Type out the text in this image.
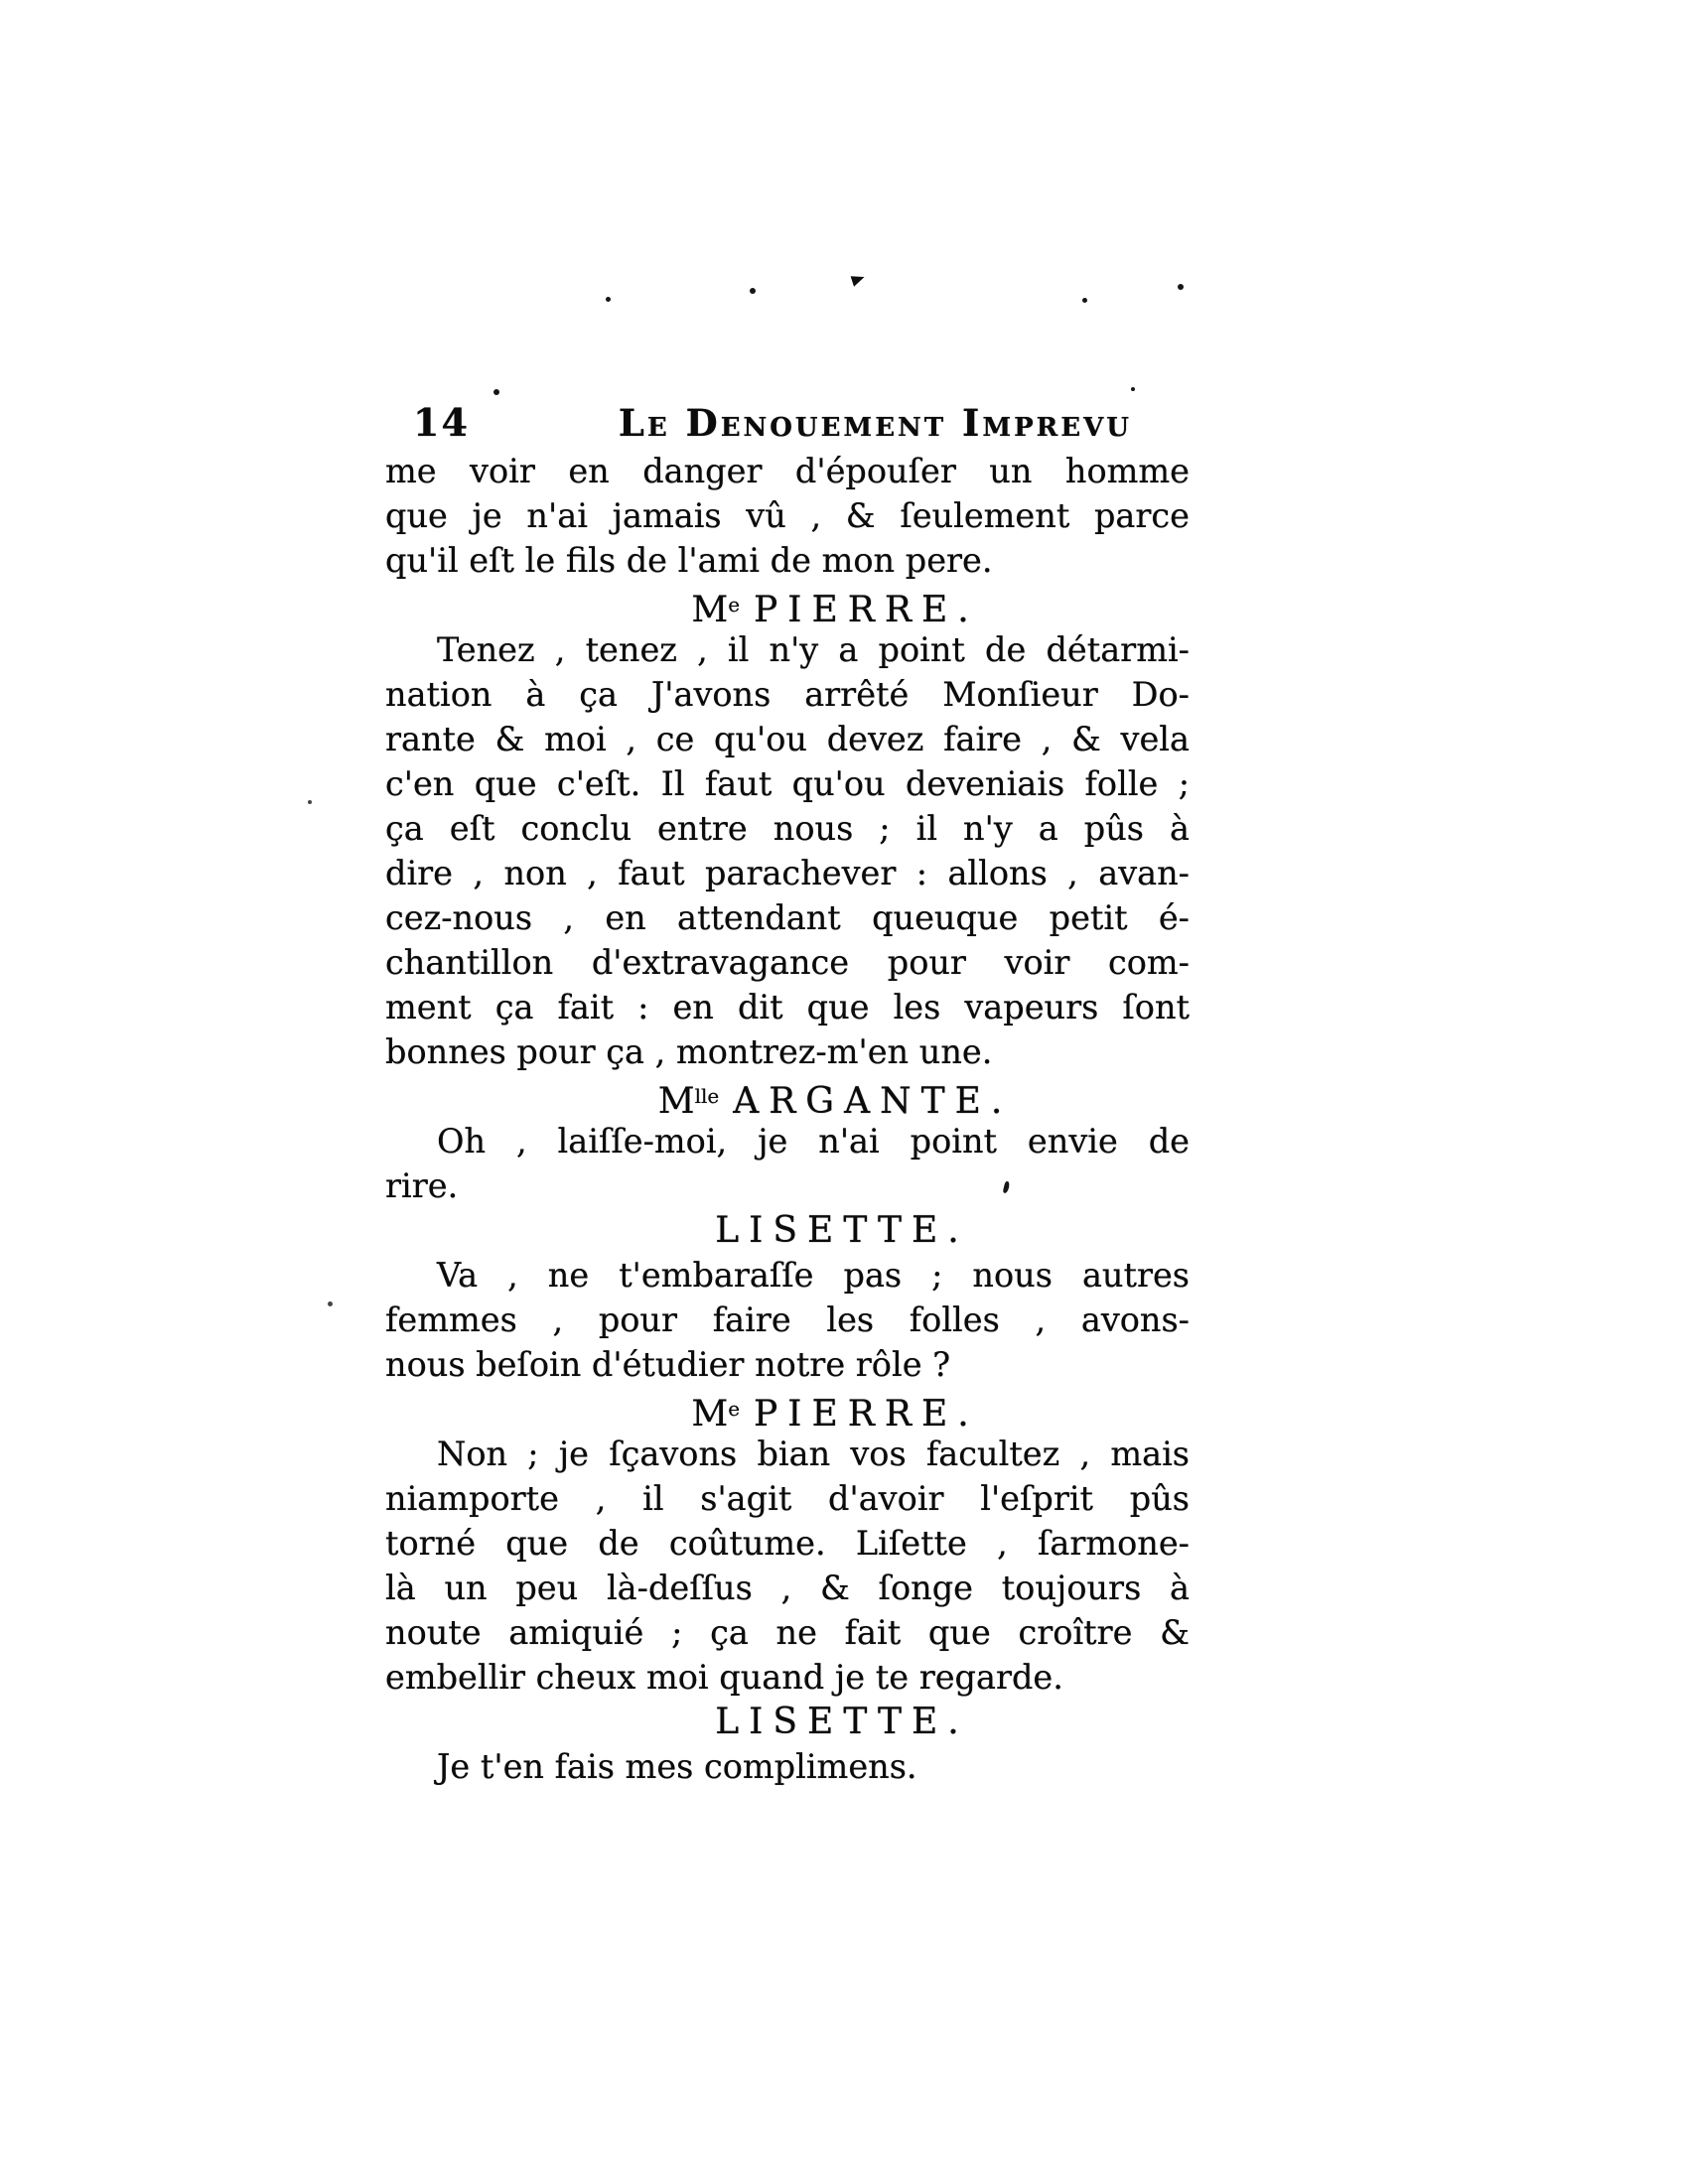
14	Le Denouement Imprevu
me voir en danger d'épouſer un homme
que je n'ai jamais vû , & ſeulement parce
qu'il eſt le fils de l'ami de mon pere.
Me PIERRE.
Tenez , tenez , il n'y a point de détarmi-
nation à ça J'avons arrêté Monſieur Do-
rante & moi , ce qu'ou devez faire , & vela
c'en que c'eſt. Il faut qu'ou deveniais folle ;
ça eſt conclu entre nous ; il n'y a pûs à
dire , non , faut parachever : allons , avan-
cez-nous , en attendant queuque petit é-
chantillon d'extravagance pour voir com-
ment ça fait : en dit que les vapeurs ſont
bonnes pour ça , montrez-m'en une.
$M^{lle}$ ARGANTE.
Oh , laiſſe-moi, je n'ai point envie de
rire.
LISETTE.
Va , ne t'embaraſſe pas ; nous autres
femmes , pour faire les folles , avons-
nous beſoin d'étudier notre rôle ?
Me PIERRE.
Non ; je ſçavons bian vos facultez , mais
niamporte , il s'agit d'avoir l'eſprit pûs
torné que de coûtume. Liſette , ſarmone-
là un peu là-deſſus , & ſonge toujours à
noute amiquié ; ça ne fait que croître &
embellir cheux moi quand je te regarde.
LISETTE.
Je t'en fais mes complimens.
